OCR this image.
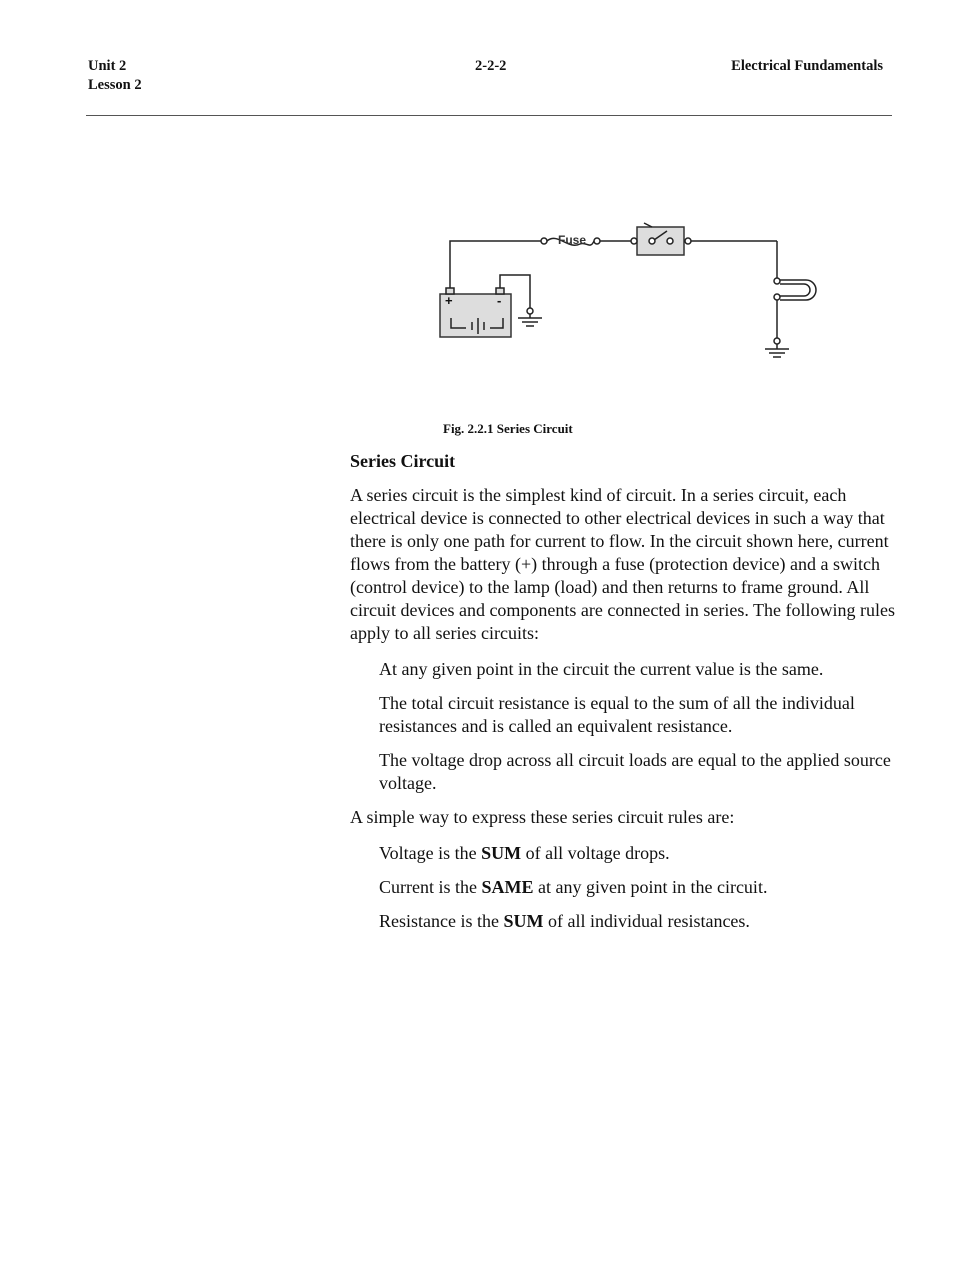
Unit 2
Lesson 2
2-2-2	Electrical Fundamentals
Fuse
+	-
Fig. 2.2.1 Series Circuit
Series Circuit

A series circuit is the simplest kind of circuit. In a series circuit, each electrical device is connected to other electrical devices in such a way that there is only one path for current to flow. In the circuit shown here, current flows from the battery (+) through a fuse (protection device) and a switch (control device) to the lamp (load) and then returns to frame ground. All circuit devices and components are connected in series. The following rules apply to all series circuits:

At any given point in the circuit the current value is the same.
The total circuit resistance is equal to the sum of all the individual resistances and is called an equivalent resistance.
The voltage drop across all circuit loads are equal to the applied source voltage.

A simple way to express these series circuit rules are:

Voltage is the SUM of all voltage drops.
Current is the SAME at any given point in the circuit.
Resistance is the SUM of all individual resistances.
